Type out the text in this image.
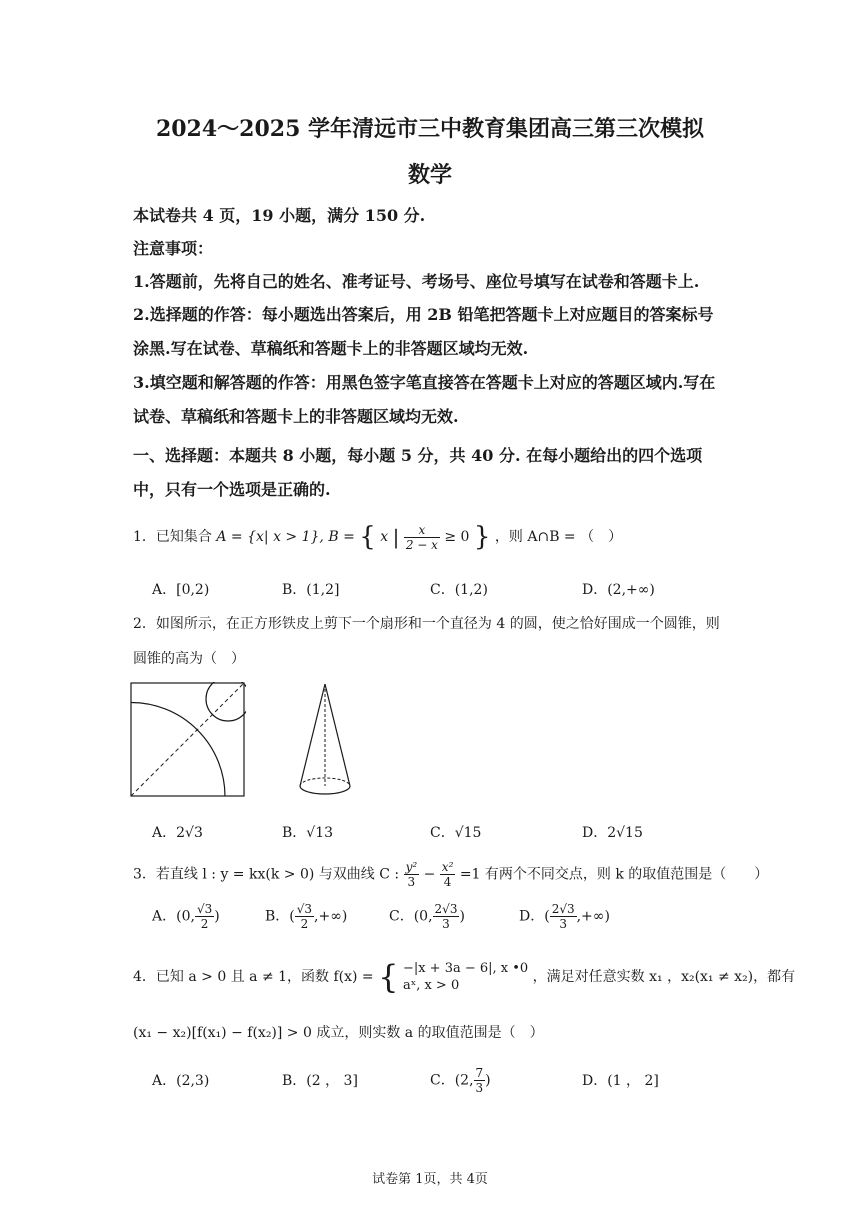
2024～2025 学年清远市三中教育集团高三第三次模拟
数学
本试卷共 4 页，19 小题，满分 150 分.
注意事项：
1.答题前，先将自己的姓名、准考证号、考场号、座位号填写在试卷和答题卡上.
2.选择题的作答：每小题选出答案后，用 2B 铅笔把答题卡上对应题目的答案标号
涂黑.写在试卷、草稿纸和答题卡上的非答题区域均无效.
3.填空题和解答题的作答：用黑色签字笔直接答在答题卡上对应的答题区域内.写在
试卷、草稿纸和答题卡上的非答题区域均无效.
一、选择题：本题共 8 小题，每小题 5 分，共 40 分. 在每小题给出的四个选项
中，只有一个选项是正确的.
1．已知集合 A = {x| x > 1}, B = { x | $\frac{x}{2 - x} \ge 0$ } ，则 A∩B = （　）
A．[0,2)	B．(1,2]	C．(1,2)	D．(2,+∞)
2．如图所示，在正方形铁皮上剪下一个扇形和一个直径为 4 的圆，使之恰好围成一个圆锥，则
圆锥的高为（　）
A．2√3	B．√13	C．√15	D．2√15
3．若直线 l : y = kx(k > 0) 与双曲线 C : $\frac{\text{y²}}{3} - \frac{\text{x²}}{4} =1$ 有两个不同交点，则 k 的取值范围是（　　）
A．(0, $\frac{√3}{2}$ )	B．( $\frac{√3}{2}$ ,+∞)	C．(0, $\frac{2√3}{3}$ )	D．( $\frac{2√3}{3}$ ,+∞)
4．已知 a > 0 且 a ≠ 1，函数 f(x) = { −|x + 3a − 6|, x •0
aˣ, x > 0
，满足对任意实数 x₁ ，x₂(x₁ ≠ x₂)，都有
(x₁ − x₂)[f(x₁) − f(x₂)] > 0 成立，则实数 a 的取值范围是（　）
A．(2,3)	B．(2 ， 3]	C．(2, $\frac{7}{3}$ )	D．(1 ， 2]
试卷第 1页，共 4页
